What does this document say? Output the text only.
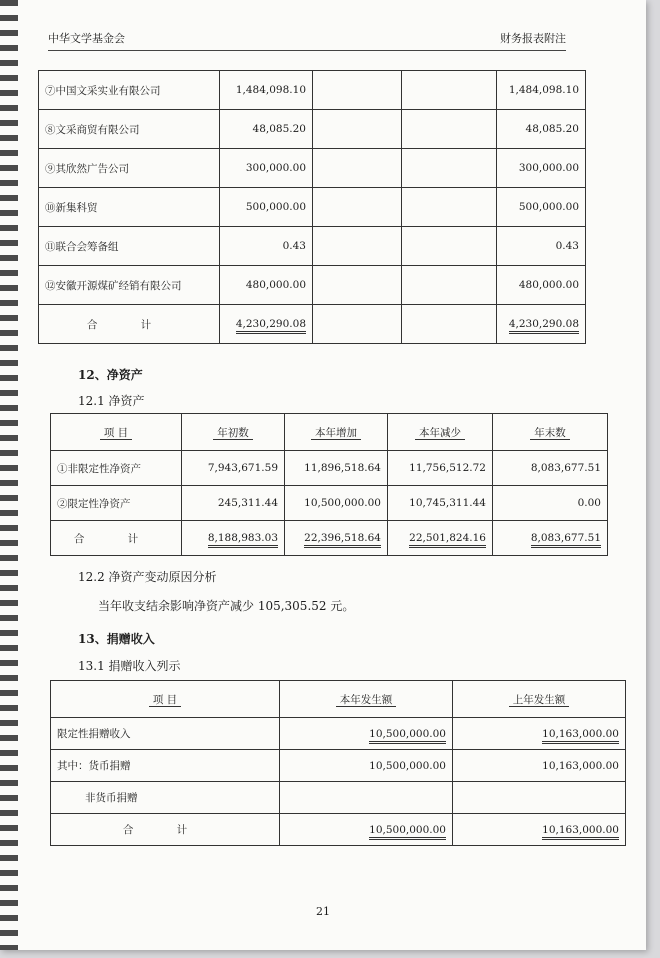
中华文学基金会	财务报表附注
⑦中国文采实业有限公司	1,484,098.10			1,484,098.10
⑧文采商贸有限公司	48,085.20			48,085.20
⑨其欣然广告公司	300,000.00			300,000.00
⑩新集科贸	500,000.00			500,000.00
⑪联合会筹备组	0.43			0.43
⑫安徽开源煤矿经销有限公司	480,000.00			480,000.00
合 计	4,230,290.08			4,230,290.08
12、净资产
12.1 净资产
项 目	年初数	本年增加	本年减少	年末数
①非限定性净资产	7,943,671.59	11,896,518.64	11,756,512.72	8,083,677.51
②限定性净资产	245,311.44	10,500,000.00	10,745,311.44	0.00
合 计	8,188,983.03	22,396,518.64	22,501,824.16	8,083,677.51
12.2 净资产变动原因分析
当年收支结余影响净资产减少 105,305.52 元。
13、捐赠收入
13.1 捐赠收入列示
项 目	本年发生额	上年发生额
限定性捐赠收入	10,500,000.00	10,163,000.00
其中：货币捐赠	10,500,000.00	10,163,000.00
非货币捐赠		
合 计	10,500,000.00	10,163,000.00
21
